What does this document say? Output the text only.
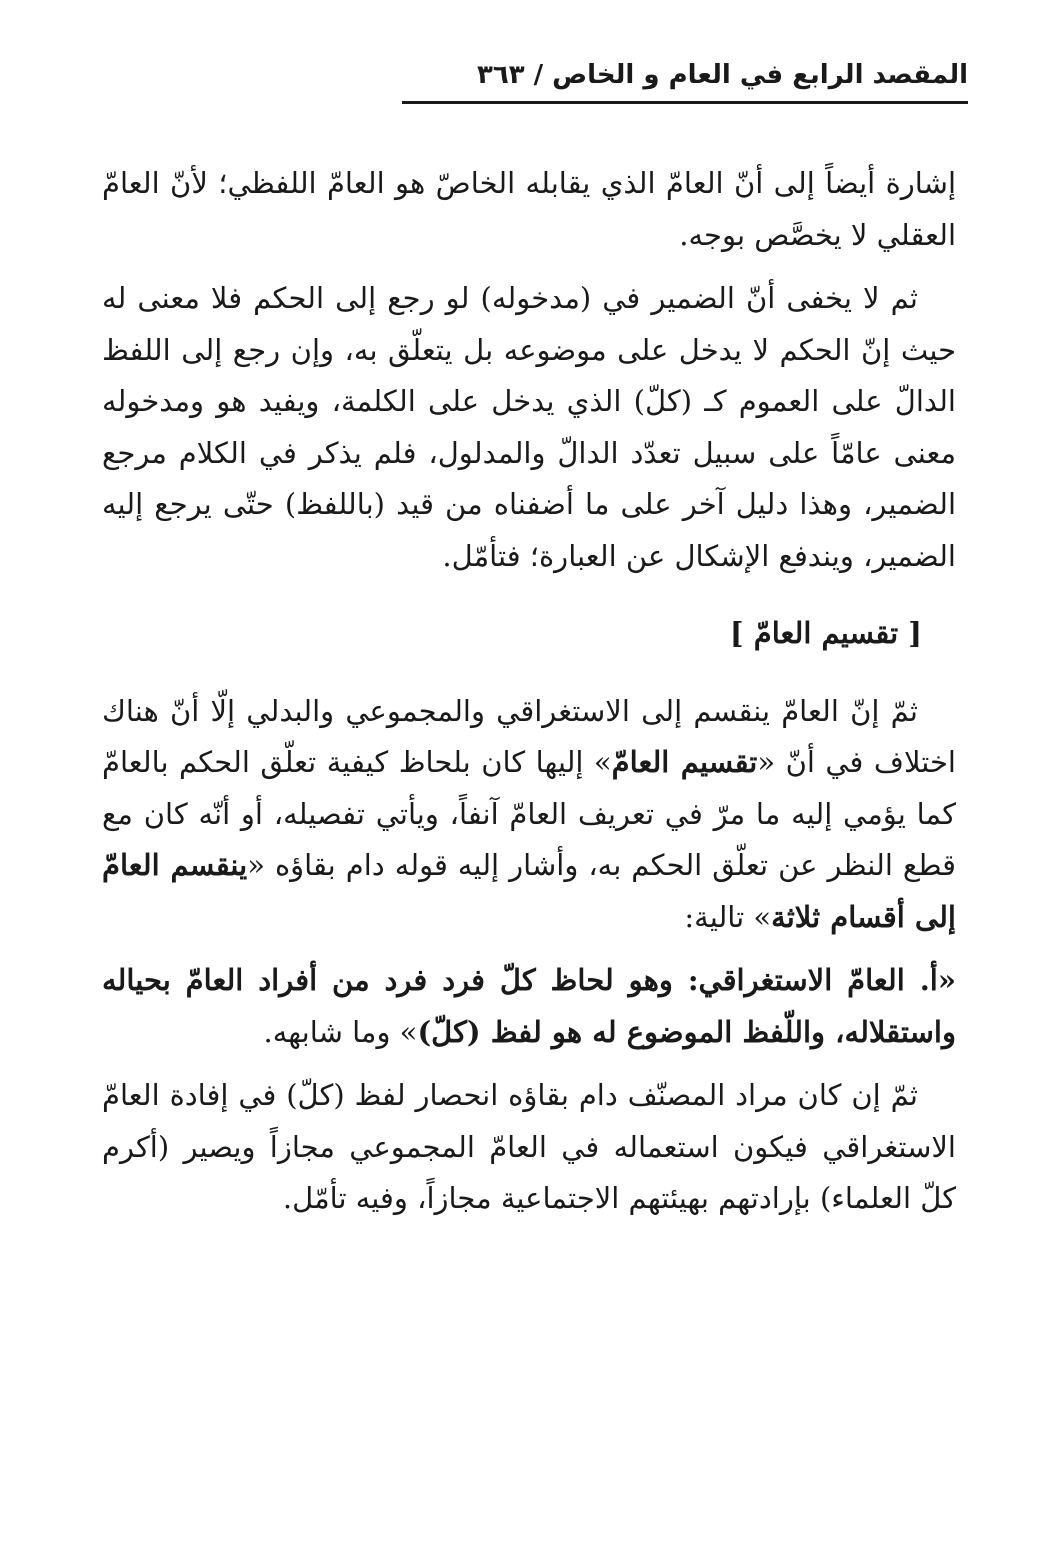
المقصد الرابع في العام و الخاص / ٣٦٣

إشارة أيضاً إلى أنّ العامّ الذي يقابله الخاصّ هو العامّ اللفظي؛ لأنّ العامّ العقلي لا يخصَّص بوجه.

ثم لا يخفى أنّ الضمير في (مدخوله) لو رجع إلى الحكم فلا معنى له حيث إنّ الحكم لا يدخل على موضوعه بل يتعلّق به، وإن رجع إلى اللفظ الدالّ على العموم كـ (كلّ) الذي يدخل على الكلمة، ويفيد هو ومدخوله معنى عامّاً على سبيل تعدّد الدالّ والمدلول، فلم يذكر في الكلام مرجع الضمير، وهذا دليل آخر على ما أضفناه من قيد (باللفظ) حتّى يرجع إليه الضمير، ويندفع الإشكال عن العبارة؛ فتأمّل.

[ تقسيم العامّ ]

ثمّ إنّ العامّ ينقسم إلى الاستغراقي والمجموعي والبدلي إلّا أنّ هناك اختلاف في أنّ «تقسيم العامّ» إليها كان بلحاظ كيفية تعلّق الحكم بالعامّ كما يؤمي إليه ما مرّ في تعريف العامّ آنفاً، ويأتي تفصيله، أو أنّه كان مع قطع النظر عن تعلّق الحكم به، وأشار إليه قوله دام بقاؤه «ينقسم العامّ إلى أقسام ثلاثة» تالية:

«أ. العامّ الاستغراقي: وهو لحاظ كلّ فرد فرد من أفراد العامّ بحياله واستقلاله، واللّفظ الموضوع له هو لفظ (كلّ)» وما شابهه.

ثمّ إن كان مراد المصنّف دام بقاؤه انحصار لفظ (كلّ) في إفادة العامّ الاستغراقي فيكون استعماله في العامّ المجموعي مجازاً ويصير (أكرم كلّ العلماء) بإرادتهم بهيئتهم الاجتماعية مجازاً، وفيه تأمّل.
